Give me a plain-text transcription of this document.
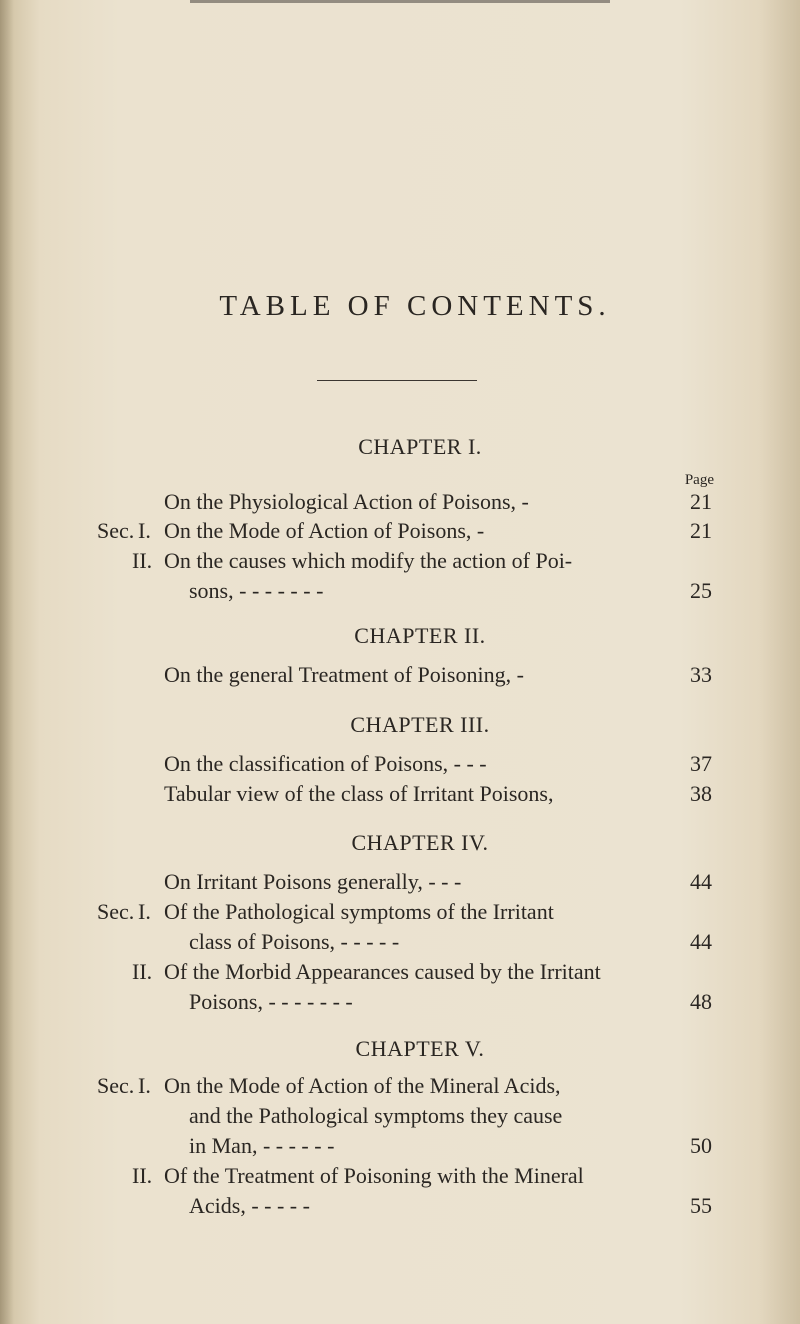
TABLE OF CONTENTS.
CHAPTER I.
Page
On the Physiological Action of Poisons, -	21
Sec. I. On the Mode of Action of Poisons, -	21
II. On the causes which modify the action of Poi-
sons, - - - - - - -	25
CHAPTER II.
On the general Treatment of Poisoning, -	33
CHAPTER III.
On the classification of Poisons, - - -	37
Tabular view of the class of Irritant Poisons,	38
CHAPTER IV.
On Irritant Poisons generally, - - -	44
Sec. I. Of the Pathological symptoms of the Irritant
class of Poisons, - - - - -	44
II. Of the Morbid Appearances caused by the Irritant
Poisons, - - - - - - -	48
CHAPTER V.
Sec. I. On the Mode of Action of the Mineral Acids,
and the Pathological symptoms they cause
in Man, - - - - - -	50
II. Of the Treatment of Poisoning with the Mineral
Acids, - - - - -	55
